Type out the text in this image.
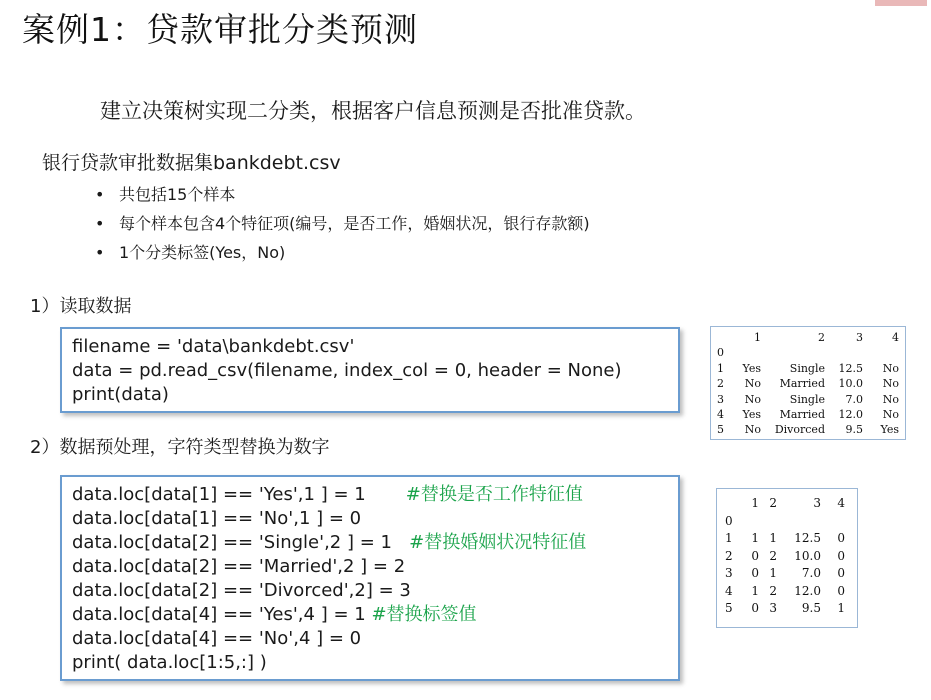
案例1：贷款审批分类预测
建立决策树实现二分类，根据客户信息预测是否批准贷款。
银行贷款审批数据集bankdebt.csv
• 共包括15个样本
• 每个样本包含4个特征项(编号，是否工作，婚姻状况，银行存款额)
• 1个分类标签(Yes，No)
1）读取数据
filename = 'data\bankdebt.csv'
data = pd.read_csv(filename, index_col = 0, header = None)
print(data)
	1	2	3	4
0				
1	Yes	Single	12.5	No
2	No	Married	10.0	No
3	No	Single	7.0	No
4	Yes	Married	12.0	No
5	No	Divorced	9.5	Yes
2）数据预处理，字符类型替换为数字
data.loc[data[1] == 'Yes',1 ] = 1 #替换是否工作特征值
data.loc[data[1] == 'No',1 ] = 0
data.loc[data[2] == 'Single',2 ] = 1 #替换婚姻状况特征值
data.loc[data[2] == 'Married',2 ] = 2
data.loc[data[2] == 'Divorced',2] = 3
data.loc[data[4] == 'Yes',4 ] = 1 #替换标签值
data.loc[data[4] == 'No',4 ] = 0
print( data.loc[1:5,:] )
	1	2	3	4
0				
1	1	1	12.5	0
2	0	2	10.0	0
3	0	1	7.0	0
4	1	2	12.0	0
5	0	3	9.5	1
